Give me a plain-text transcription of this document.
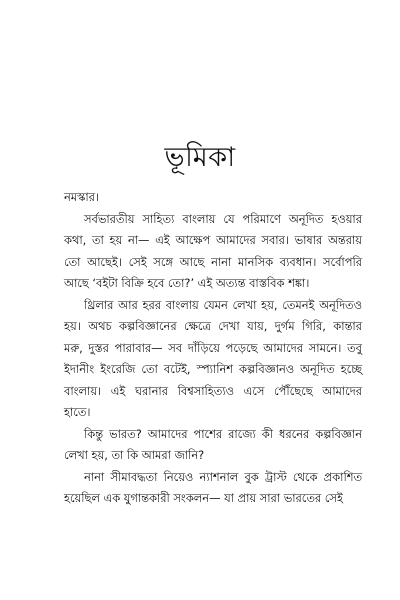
ভূমিকা
নমস্কার।
সর্বভারতীয় সাহিত্য বাংলায় যে পরিমাণে অনূদিত হওয়ার
কথা, তা হয় না— এই আক্ষেপ আমাদের সবার। ভাষার অন্তরায়
তো আছেই। সেই সঙ্গে আছে নানা মানসিক ব্যবধান। সর্বোপরি
আছে ‘বইটা বিক্রি হবে তো?’ এই অত্যন্ত বাস্তবিক শঙ্কা।
থ্রিলার আর হরর বাংলায় যেমন লেখা হয়, তেমনই অনূদিতও
হয়। অথচ কল্পবিজ্ঞানের ক্ষেত্রে দেখা যায়, দুর্গম গিরি, কান্তার
মরু, দুস্তর পারাবার— সব দাঁড়িয়ে পড়েছে আমাদের সামনে। তবু
ইদানীং ইংরেজি তো বটেই, স্প্যানিশ কল্পবিজ্ঞানও অনূদিত হচ্ছে
বাংলায়। এই ঘরানার বিশ্বসাহিত্যও এসে পৌঁছেছে আমাদের
হাতে।
কিন্তু ভারত? আমাদের পাশের রাজ্যে কী ধরনের কল্পবিজ্ঞান
লেখা হয়, তা কি আমরা জানি?
নানা সীমাবদ্ধতা নিয়েও ন্যাশনাল বুক ট্রাস্ট থেকে প্রকাশিত
হয়েছিল এক যুগান্তকারী সংকলন— যা প্রায় সারা ভারতের সেই
